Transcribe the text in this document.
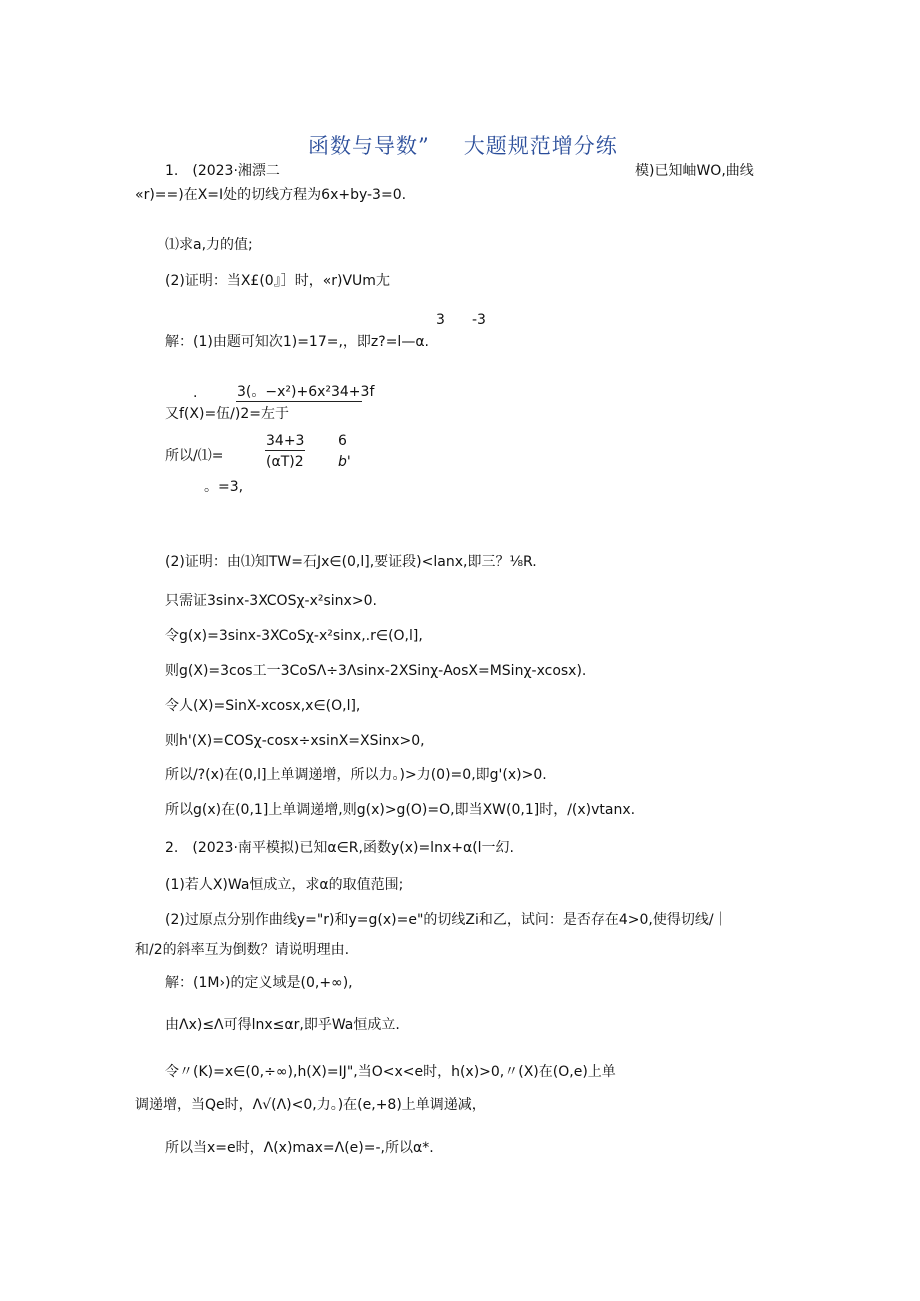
函数与导数” 大题规范增分练
1.　(2023·湘漂二	模)已知岫WO,曲线
«r)==)在X=I处的切线方程为6x+by-3=0.
⑴求a,力的值;
(2)证明：当X£(0』］时，«r)VUm尢
3 -3
解：(1)由题可知次1)=17=,，即z?=l—α.
.	3(。−x²)+6x²34+3f
又f(X)=伍/)2=左于
所以/⑴=
34+3
(αT)2
6
b'
。=3,
(2)证明：由⑴知TW=石Jx∈(0,l],要证段)<lanx,即三？⅛R.
只需证3sinx-3XCOSχ-x²sinx>0.
令g(x)=3sinx-3XCoSχ-x²sinx,.r∈(O,l],
则g(X)=3cos工一3CoSΛ÷3Λsinx-2XSinχ-AosX=MSinχ-xcosx).
令人(X)=SinX-xcosx,x∈(O,l],
则h'(X)=COSχ-cosx÷xsinX=XSinx>0,
所以/?(x)在(0,l]上单调递增，所以力。)>力(0)=0,即g'(x)>0.
所以g(x)在(0,1]上单调递增,则g(x)>g(O)=O,即当XW(0,1]时，/(x)vtanx.
2.　(2023·南平模拟)已知α∈R,函数y(x)=lnx+α(l一幻.
(1)若人X)Wa恒成立，求α的取值范围;
(2)过原点分别作曲线y="r)和y=g(x)=e"的切线Zi和乙，试问：是否存在4>0,使得切线/｜
和/2的斜率互为倒数？请说明理由.
解：(1M›)的定义域是(0,+∞),
由Λx)≤Λ可得lnx≤αr,即乎Wa恒成立.
令〃(K)=x∈(0,÷∞),h(X)=IJ",当O<x<e时，h(x)>0,〃(X)在(O,e)上单
调递增，当Qe时，Λ√(Λ)<0,力。)在(e,+8)上单调递减，
所以当x=e时，Λ(x)max=Λ(e)=-,所以α*.
